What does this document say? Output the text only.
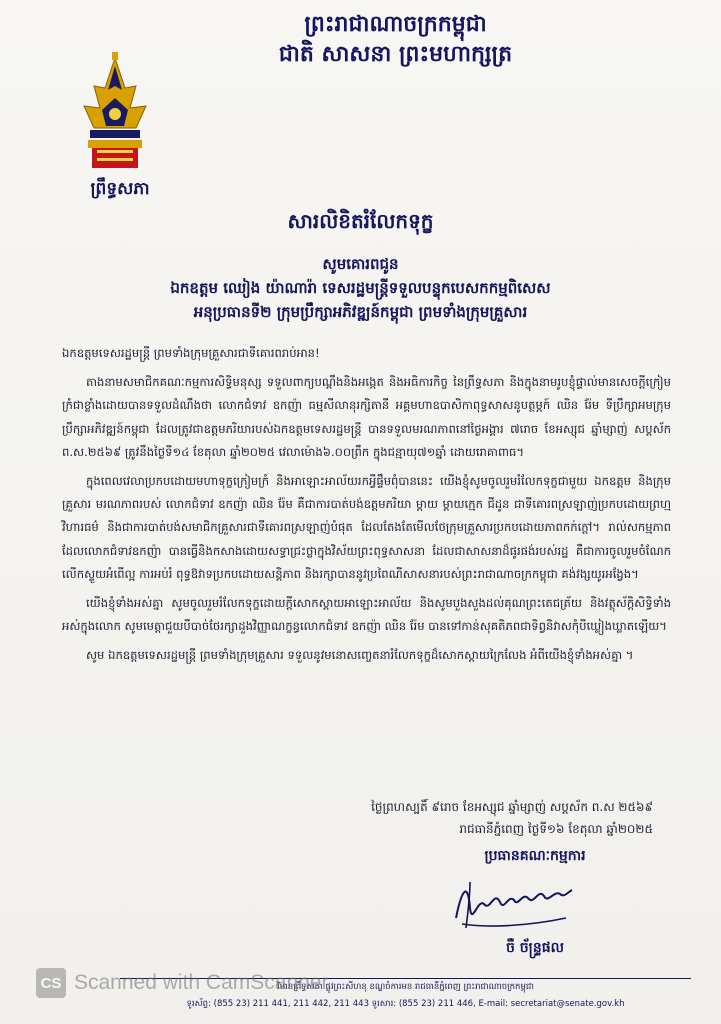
ព្រះរាជាណាចក្រកម្ពុជា
ជាតិ សាសនា ព្រះមហាក្សត្រ
ព្រឹទ្ធសភា
សារលិខិតរំលែកទុក្ខ
សូមគោរពជូន
ឯកឧត្តម ឈៀង យ៉ាណារ៉ា ទេសរដ្ឋមន្ត្រីទទួលបន្ទុកបេសកកម្មពិសេស
អនុប្រធានទី២ ក្រុមប្រឹក្សាអភិវឌ្ឍន៍កម្ពុជា ព្រមទាំងក្រុមគ្រួសារ

ឯកឧត្តមទេសរដ្ឋមន្ត្រី ព្រមទាំងក្រុមគ្រួសារជាទីគោរពរាប់អាន!

តាងនាមសមាជិកគណៈកម្មការសិទ្ធិមនុស្ស ទទួលពាក្យបណ្ដឹងនិងអង្កេត និងអធិការកិច្ច នៃព្រឹទ្ធសភា និងក្នុងនាមរូបខ្ញុំផ្ទាល់មានសេចក្ដីក្រៀមក្រំជាខ្លាំងដោយបានទទួលដំណឹងថា លោកជំទាវ ឧកញ៉ា ធម្មសីលានុរក្សិតានី អគ្គមហាឧបាសិកាពុទ្ធសាសនូបត្ថម្ភក៍ ឈិន រ៉ែម ទីប្រឹក្សាអមក្រុមប្រឹក្សាអភិវឌ្ឍន៍កម្ពុជា ដែលត្រូវជាឧត្តមភរិយារបស់ឯកឧត្តមទេសរដ្ឋមន្ត្រី បានទទួលមរណភាពនៅថ្ងៃអង្គារ ៧រោច ខែអស្សុជ ឆ្នាំម្សាញ់ សប្តស័ក ព.ស.២៥៦៩ ត្រូវនឹងថ្ងៃទី១៤ ខែតុលា ឆ្នាំ២០២៥ វេលាម៉ោង៦.០០ព្រឹក ក្នុងជន្មាយុ៧១ឆ្នាំ ដោយរោគាពាធ។

ក្នុងពេលវេលាប្រកបដោយមហាទុក្ខក្រៀមក្រំ និងអាឡោះអាល័យរកអ្វីផ្ទឹមពុំបាននេះ យើងខ្ញុំសូមចូលរួមរំលែកទុក្ខជាមួយ ឯកឧត្តម និងក្រុមគ្រួសារ មរណភាពរបស់ លោកជំទាវ ឧកញ៉ា ឈិន រ៉ែម គឺជាការបាត់បង់ឧត្តមភរិយា ម្ដាយ ម្ដាយក្មេក ជីដូន ជាទីគោរពស្រឡាញ់ប្រកបដោយព្រហ្មវិហារធម៌ និងជាការបាត់បង់សមាជិកគ្រួសារជាទីគោរពស្រឡាញ់បំផុត ដែលតែងតែមើលថែក្រុមគ្រួសារប្រកបដោយភាពកក់ក្ដៅ។ រាល់សកម្មភាពដែលលោកជំទាវឧកញ៉ា បានធ្វើនិងកសាងដោយសទ្ធាជ្រះថ្លាក្នុងវិស័យព្រះពុទ្ធសាសនា ដែលជាសាសនាដ៏ផូរផង់របស់រដ្ឋ គឺជាការចូលរួមចំណែកលើកស្ទួយអំពើល្អ ការអប់រំ ពុទ្ធឱវាទប្រកបដោយសន្តិភាព និងរក្សាបាននូវប្រពៃណីសាសនារបស់ព្រះរាជាណាចក្រកម្ពុជា គង់វង្សយូរអង្វែង។

យើងខ្ញុំទាំងអស់គ្នា សូមចូលរួមរំលែកទុក្ខដោយក្ដីសោកស្ដាយអាឡោះអាល័យ និងសូមបួងសួងដល់គុណព្រះតេជត្រ័យ និងវត្ថុស័ក្ដិសិទ្ធិទាំងអស់ក្នុងលោក សូមមេត្តាជួយបីបាច់ថែរក្សាដួងវិញ្ញាណក្ខន្ធលោកជំទាវ ឧកញ៉ា ឈិន រ៉ែម បានទៅកាន់សុគតិភពជាទិព្វនិវាសកុំបីឃ្លៀងឃ្លាតឡើយ។

សូម ឯកឧត្តមទេសរដ្ឋមន្ត្រី ព្រមទាំងក្រុមគ្រួសារ ទទួលនូវមនោសញ្ចេតនារំលែកទុក្ខដ៏សោកស្ដាយក្រៃលែង អំពីយើងខ្ញុំទាំងអស់គ្នា ។

ថ្ងៃព្រហស្បតិ៍ ៩រោច ខែអស្សុជ ឆ្នាំម្សាញ់ សប្តស័ក ព.ស ២៥៦៩
រាជធានីភ្នំពេញ ថ្ងៃទី១៦ ខែតុលា ឆ្នាំ២០២៥
ប្រធានគណៈកម្មការ
ចឺ ច័ន្ទ្រផល
វិមានព្រឹទ្ធសភា ផ្លូវព្រះសីហនុ ខណ្ឌចំការមន រាជធានីភ្នំពេញ ព្រះរាជាណាចក្រកម្ពុជា
ទូរស័ព្ទ: (855 23) 211 441, 211 442, 211 443 ទូរសារ: (855 23) 211 446, E-mail: secretariat@senate.gov.kh
CS Scanned with CamScanner
